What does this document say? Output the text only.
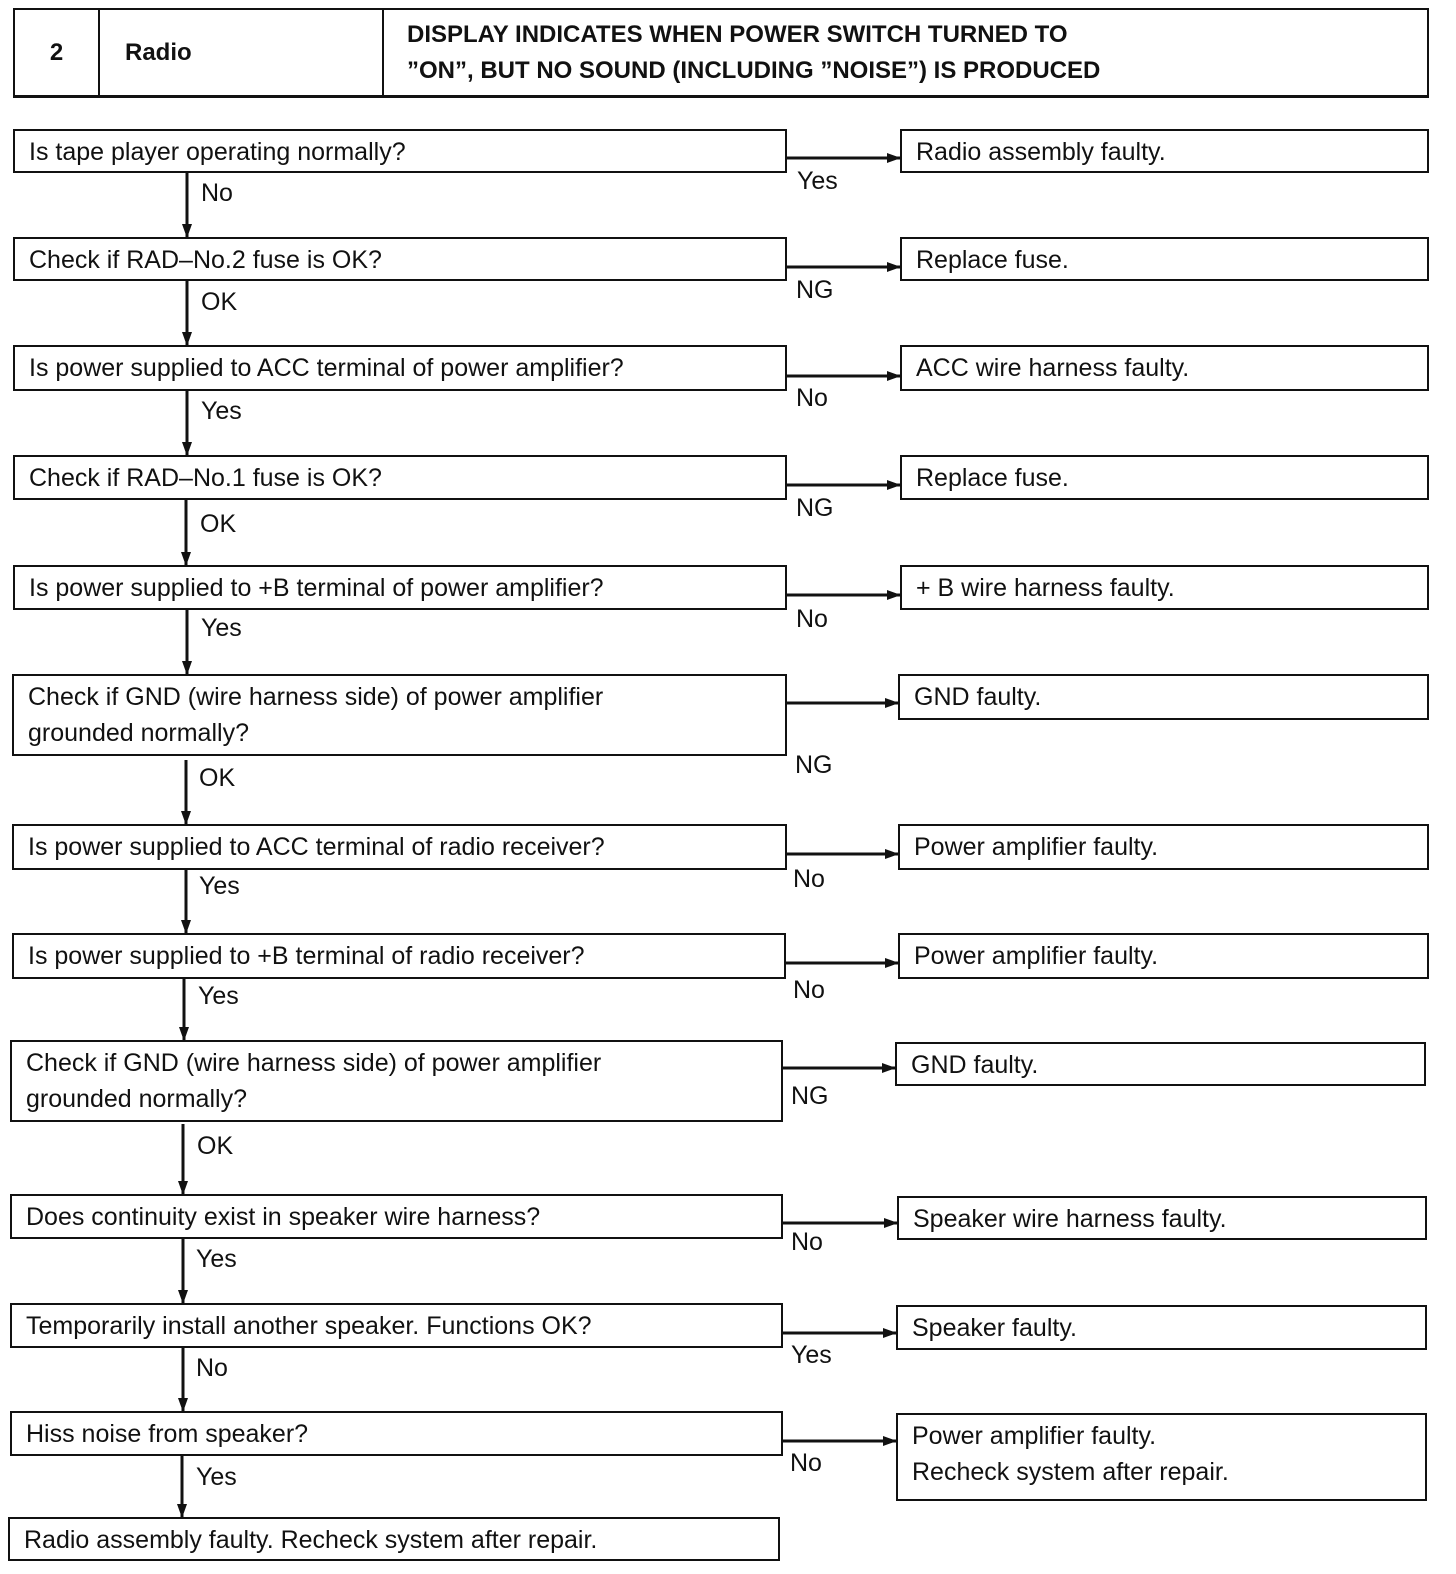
2	Radio
DISPLAY INDICATES WHEN POWER SWITCH TURNED TO
”ON”, BUT NO SOUND (INCLUDING ”NOISE”) IS PRODUCED
Is tape player operating normally?	Radio assembly faulty.
No	Yes
Check if RAD–No.2 fuse is OK?	Replace fuse.
OK	NG
Is power supplied to ACC terminal of power amplifier?	ACC wire harness faulty.
Yes	No
Check if RAD–No.1 fuse is OK?	Replace fuse.
OK
NG
Is power supplied to +B terminal of power amplifier?	+ B wire harness faulty.
Yes	No
Check if GND (wire harness side) of power amplifier
grounded normally?
GND faulty.
OK	NG
Is power supplied to ACC terminal of radio receiver?	Power amplifier faulty.
Yes	No
Is power supplied to +B terminal of radio receiver?	Power amplifier faulty.
Yes	No
Check if GND (wire harness side) of power amplifier
grounded normally?
GND faulty.
OK
NG
Does continuity exist in speaker wire harness?	Speaker wire harness faulty.
Yes
No
Temporarily install another speaker. Functions OK?	Speaker faulty.
No	Yes
Hiss noise from speaker?	Power amplifier faulty.
Recheck system after repair.
Yes	No
Radio assembly faulty. Recheck system after repair.
